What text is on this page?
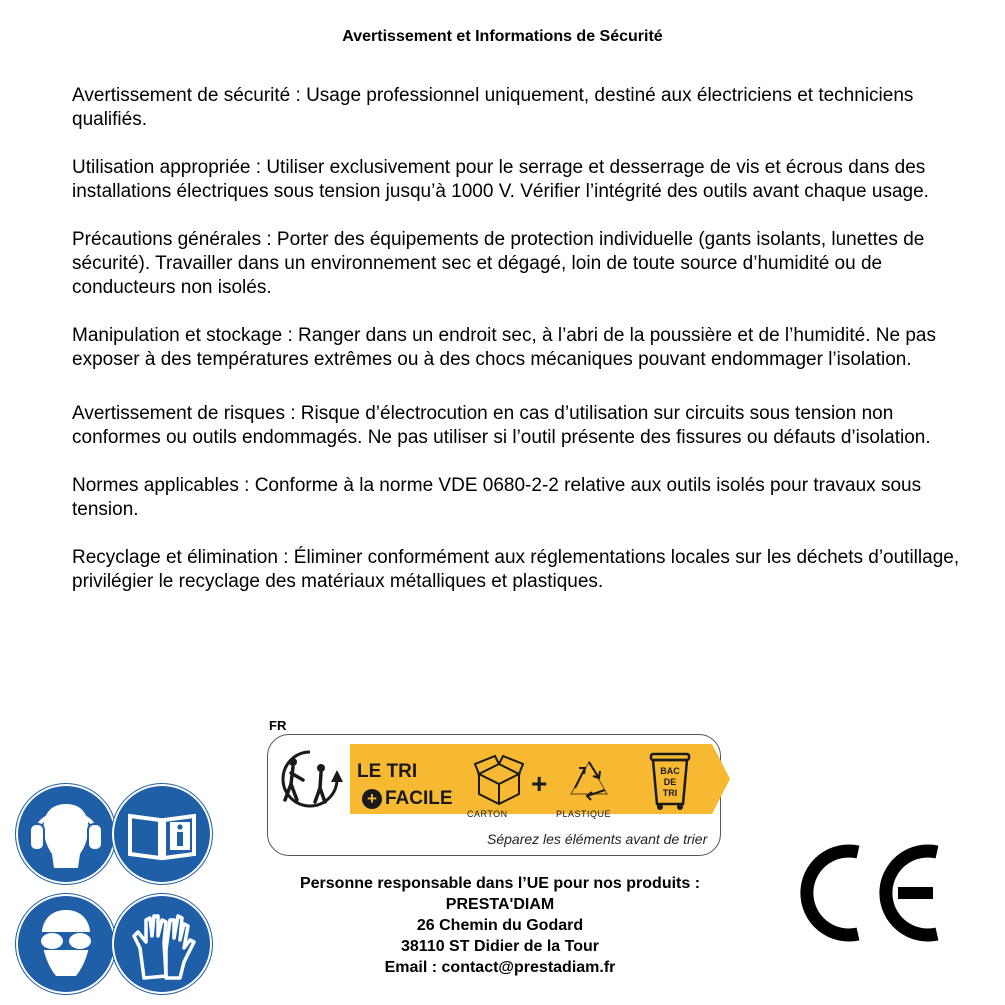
Avertissement et Informations de Sécurité

Avertissement de sécurité : Usage professionnel uniquement, destiné aux électriciens et techniciens qualifiés.

Utilisation appropriée : Utiliser exclusivement pour le serrage et desserrage de vis et écrous dans des installations électriques sous tension jusqu’à 1000 V. Vérifier l’intégrité des outils avant chaque usage.

Précautions générales : Porter des équipements de protection individuelle (gants isolants, lunettes de sécurité). Travailler dans un environnement sec et dégagé, loin de toute source d’humidité ou de conducteurs non isolés.

Manipulation et stockage : Ranger dans un endroit sec, à l’abri de la poussière et de l’humidité. Ne pas exposer à des températures extrêmes ou à des chocs mécaniques pouvant endommager l’isolation.

Avertissement de risques : Risque d’électrocution en cas d’utilisation sur circuits sous tension non conformes ou outils endommagés. Ne pas utiliser si l’outil présente des fissures ou défauts d’isolation.

Normes applicables : Conforme à la norme VDE 0680-2-2 relative aux outils isolés pour travaux sous tension.

Recyclage et élimination : Éliminer conformément aux réglementations locales sur les déchets d’outillage, privilégier le recyclage des matériaux métalliques et plastiques.

FR
LE TRI
+ FACILE
CARTON
+
PLASTIQUE
BAC
DE
TRI
Séparez les éléments avant de trier
Personne responsable dans l’UE pour nos produits :
PRESTA'DIAM
26 Chemin du Godard
38110 ST Didier de la Tour
Email : contact@prestadiam.fr
